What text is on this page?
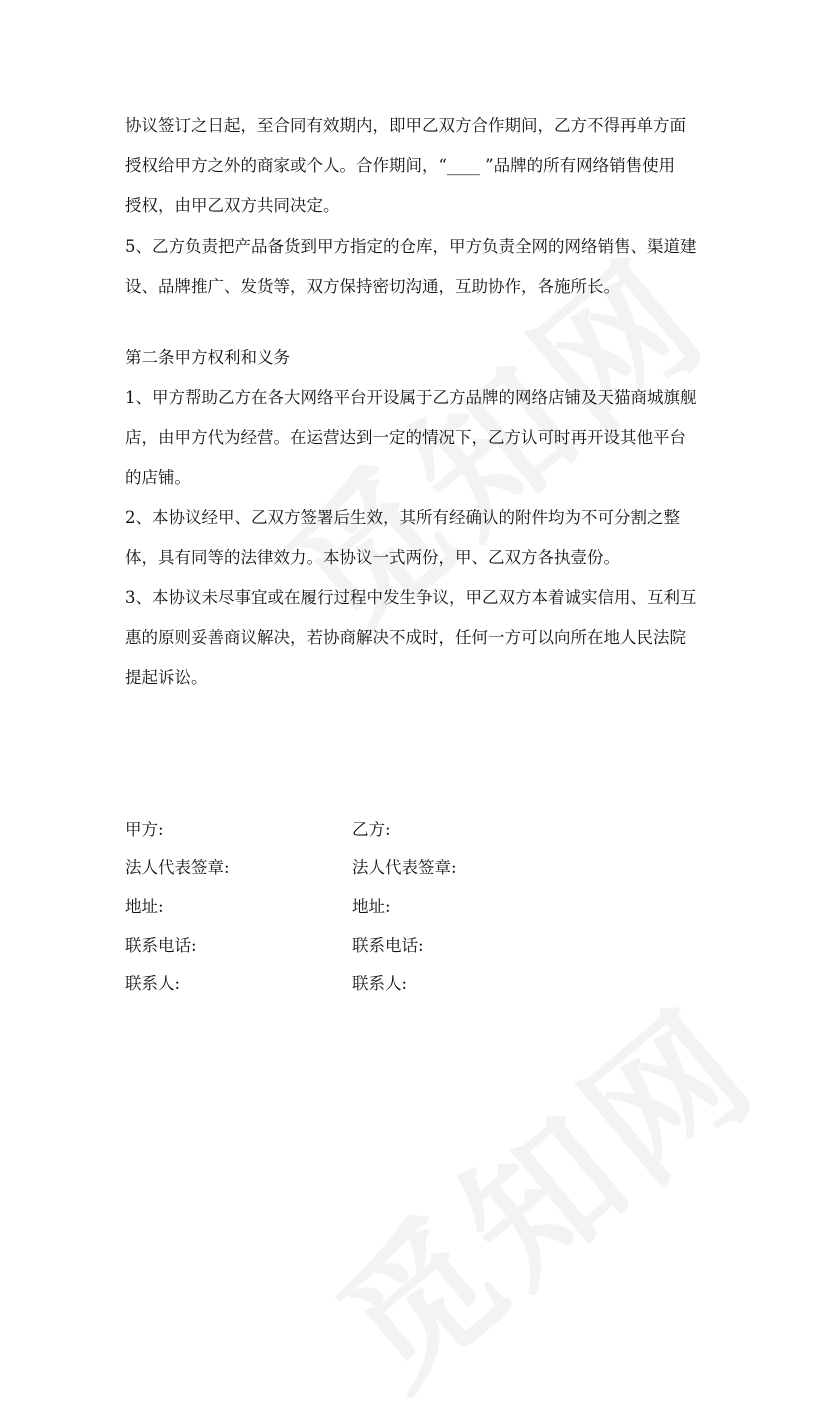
协议签订之日起，至合同有效期内，即甲乙双方合作期间，乙方不得再单方面

授权给甲方之外的商家或个人。合作期间，“____ ”品牌的所有网络销售使用

授权，由甲乙双方共同决定。

5、乙方负责把产品备货到甲方指定的仓库，甲方负责全网的网络销售、渠道建

设、品牌推广、发货等，双方保持密切沟通，互助协作，各施所长。

第二条甲方权利和义务

1、甲方帮助乙方在各大网络平台开设属于乙方品牌的网络店铺及天猫商城旗舰

店，由甲方代为经营。在运营达到一定的情况下，乙方认可时再开设其他平台

的店铺。

2、本协议经甲、乙双方签署后生效，其所有经确认的附件均为不可分割之整

体，具有同等的法律效力。本协议一式两份，甲、乙双方各执壹份。

3、本协议未尽事宜或在履行过程中发生争议，甲乙双方本着诚实信用、互利互

惠的原则妥善商议解决，若协商解决不成时，任何一方可以向所在地人民法院

提起诉讼。

甲方:	乙方:
法人代表签章:	法人代表签章:
地址:	地址:
联系电话:	联系电话:
联系人:	联系人:
